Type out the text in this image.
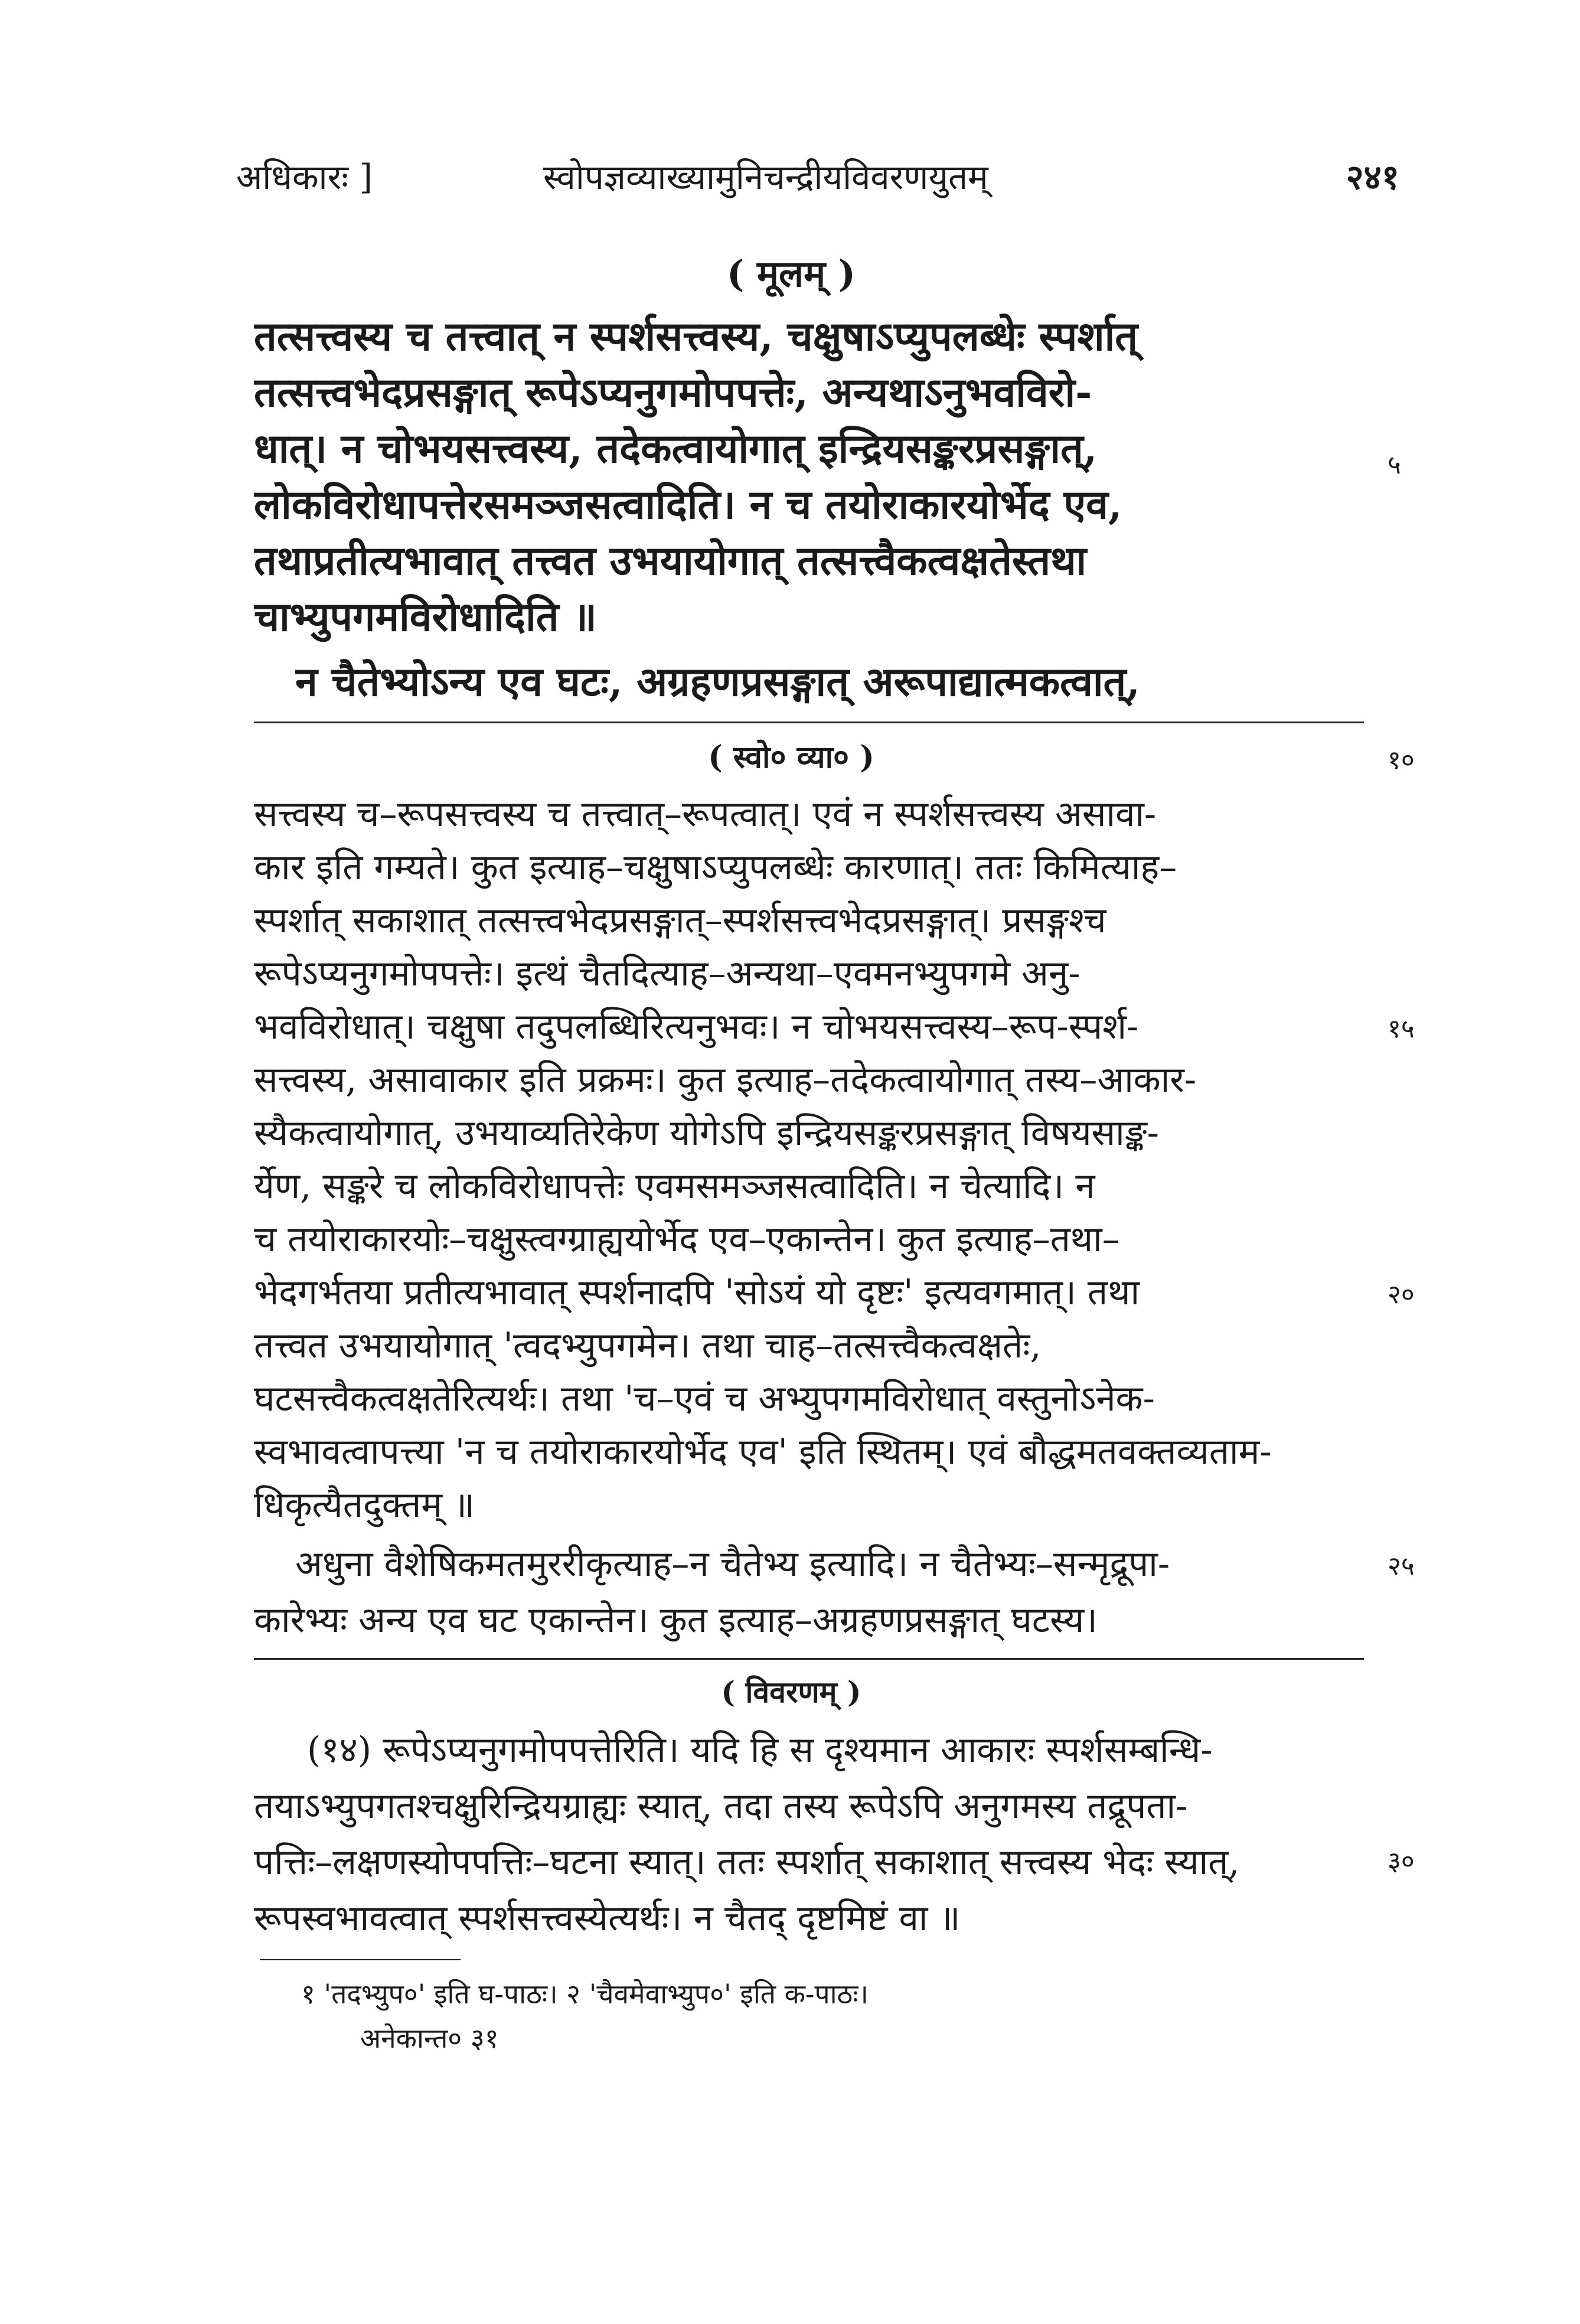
अधिकारः ]	स्वोपज्ञव्याख्यामुनिचन्द्रीयविवरणयुतम्	२४१
( मूलम् )
तत्सत्त्वस्य च तत्त्वात् न स्पर्शसत्त्वस्य, चक्षुषाऽप्युपलब्धेः स्पर्शात्
तत्सत्त्वभेदप्रसङ्गात् रूपेऽप्यनुगमोपपत्तेः, अन्यथाऽनुभवविरो-
धात्। न चोभयसत्त्वस्य, तदेकत्वायोगात् इन्द्रियसङ्करप्रसङ्गात्,
लोकविरोधापत्तेरसमञ्जसत्वादिति। न च तयोराकारयोर्भेद एव,
तथाप्रतीत्यभावात् तत्त्वत उभयायोगात् तत्सत्त्वैकत्वक्षतेस्तथा
चाभ्युपगमविरोधादिति ॥
न चैतेभ्योऽन्य एव घटः, अग्रहणप्रसङ्गात् अरूपाद्यात्मकत्वात्,
( स्वो० व्या० )
सत्त्वस्य च–रूपसत्त्वस्य च तत्त्वात्–रूपत्वात्। एवं न स्पर्शसत्त्वस्य असावा-
कार इति गम्यते। कुत इत्याह–चक्षुषाऽप्युपलब्धेः कारणात्। ततः किमित्याह–
स्पर्शात् सकाशात् तत्सत्त्वभेदप्रसङ्गात्–स्पर्शसत्त्वभेदप्रसङ्गात्। प्रसङ्गश्च
रूपेऽप्यनुगमोपपत्तेः। इत्थं चैतदित्याह–अन्यथा–एवमनभ्युपगमे अनु-
भवविरोधात्। चक्षुषा तदुपलब्धिरित्यनुभवः। न चोभयसत्त्वस्य–रूप-स्पर्श-
सत्त्वस्य, असावाकार इति प्रक्रमः। कुत इत्याह–तदेकत्वायोगात् तस्य–आकार-
स्यैकत्वायोगात्, उभयाव्यतिरेकेण योगेऽपि इन्द्रियसङ्करप्रसङ्गात् विषयसाङ्क-
र्येण, सङ्करे च लोकविरोधापत्तेः एवमसमञ्जसत्वादिति। न चेत्यादि। न
च तयोराकारयोः–चक्षुस्त्वग्ग्राह्ययोर्भेद एव–एकान्तेन। कुत इत्याह–तथा–
भेदगर्भतया प्रतीत्यभावात् स्पर्शनादपि 'सोऽयं यो दृष्टः' इत्यवगमात्। तथा
तत्त्वत उभयायोगात् 'त्वदभ्युपगमेन। तथा चाह–तत्सत्त्वैकत्वक्षतेः,
घटसत्त्वैकत्वक्षतेरित्यर्थः। तथा 'च–एवं च अभ्युपगमविरोधात् वस्तुनोऽनेक-
स्वभावत्वापत्त्या 'न च तयोराकारयोर्भेद एव' इति स्थितम्। एवं बौद्धमतवक्तव्यताम-
धिकृत्यैतदुक्तम् ॥
अधुना वैशेषिकमतमुररीकृत्याह–न चैतेभ्य इत्यादि। न चैतेभ्यः–सन्मृद्रूपा-
कारेभ्यः अन्य एव घट एकान्तेन। कुत इत्याह–अग्रहणप्रसङ्गात् घटस्य।
( विवरणम् )
(१४) रूपेऽप्यनुगमोपपत्तेरिति। यदि हि स दृश्यमान आकारः स्पर्शसम्बन्धि-
तयाऽभ्युपगतश्चक्षुरिन्द्रियग्राह्यः स्यात्, तदा तस्य रूपेऽपि अनुगमस्य तद्रूपता-
पत्तिः–लक्षणस्योपपत्तिः–घटना स्यात्। ततः स्पर्शात् सकाशात् सत्त्वस्य भेदः स्यात्,
रूपस्वभावत्वात् स्पर्शसत्त्वस्येत्यर्थः। न चैतद् दृष्टमिष्टं वा ॥
५
१०
१५
२०
२५
३०
१ 'तदभ्युप०' इति घ-पाठः। २ 'चैवमेवाभ्युप०' इति क-पाठः।
अनेकान्त० ३१
